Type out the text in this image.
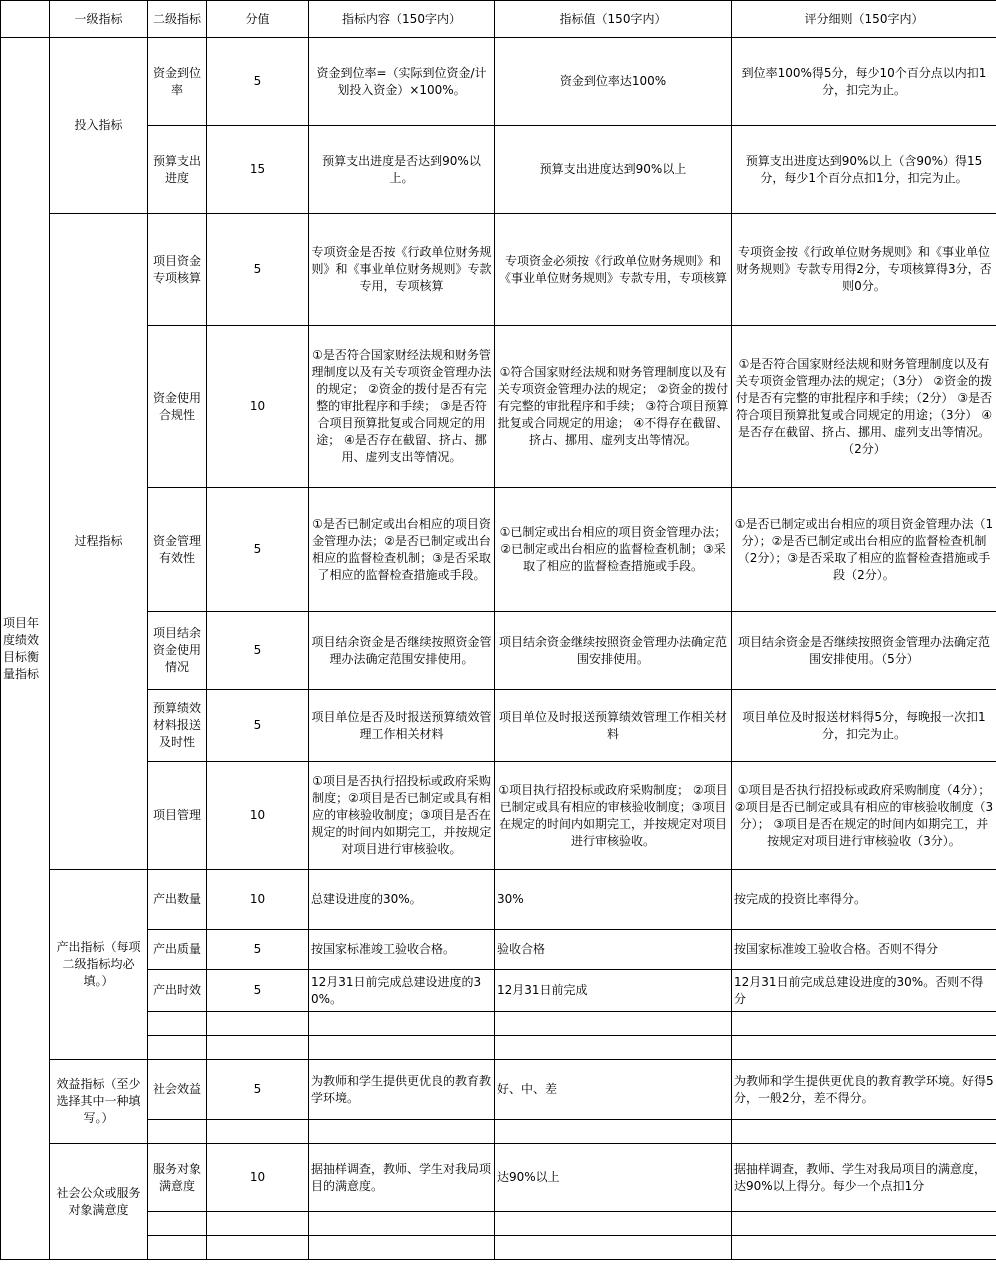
	一级指标	二级指标	分值	指标内容（150字内）	指标值（150字内）	评分细则（150字内）
项目年度绩效目标衡量指标	投入指标	资金到位率	5	资金到位率=（实际到位资金/计划投入资金）×100%。	资金到位率达100%	到位率100%得5分，每少10个百分点以内扣1分，扣完为止。
		预算支出进度	15	预算支出进度是否达到90%以上。	预算支出进度达到90%以上	预算支出进度达到90%以上（含90%）得15分，每少1个百分点扣1分，扣完为止。
	过程指标	项目资金专项核算	5	专项资金是否按《行政单位财务规则》和《事业单位财务规则》专款专用，专项核算	专项资金必须按《行政单位财务规则》和《事业单位财务规则》专款专用，专项核算	专项资金按《行政单位财务规则》和《事业单位财务规则》专款专用得2分，专项核算得3分，否则0分。
		资金使用合规性	10	①是否符合国家财经法规和财务管理制度以及有关专项资金管理办法的规定； ②资金的拨付是否有完整的审批程序和手续； ③是否符合项目预算批复或合同规定的用途； ④是否存在截留、挤占、挪用、虚列支出等情况。	①符合国家财经法规和财务管理制度以及有关专项资金管理办法的规定； ②资金的拨付有完整的审批程序和手续； ③符合项目预算批复或合同规定的用途； ④不得存在截留、挤占、挪用、虚列支出等情况。	①是否符合国家财经法规和财务管理制度以及有关专项资金管理办法的规定；（3分） ②资金的拨付是否有完整的审批程序和手续；（2分） ③是否符合项目预算批复或合同规定的用途；（3分） ④是否存在截留、挤占、挪用、虚列支出等情况。（2分）
		资金管理有效性	5	①是否已制定或出台相应的项目资金管理办法；②是否已制定或出台相应的监督检查机制；③是否采取了相应的监督检查措施或手段。	①已制定或出台相应的项目资金管理办法；②已制定或出台相应的监督检查机制；③采取了相应的监督检查措施或手段。	①是否已制定或出台相应的项目资金管理办法（1分）；②是否已制定或出台相应的监督检查机制（2分）；③是否采取了相应的监督检查措施或手段（2分）。
		项目结余资金使用情况	5	项目结余资金是否继续按照资金管理办法确定范围安排使用。	项目结余资金继续按照资金管理办法确定范围安排使用。	项目结余资金是否继续按照资金管理办法确定范围安排使用。（5分）
		预算绩效材料报送及时性	5	项目单位是否及时报送预算绩效管理工作相关材料	项目单位及时报送预算绩效管理工作相关材料	项目单位及时报送材料得5分，每晚报一次扣1分，扣完为止。
		项目管理	10	①项目是否执行招投标或政府采购制度；②项目是否已制定或具有相应的审核验收制度；③项目是否在规定的时间内如期完工，并按规定对项目进行审核验收。	①项目执行招投标或政府采购制度； ②项目已制定或具有相应的审核验收制度；③项目在规定的时间内如期完工，并按规定对项目进行审核验收。	①项目是否执行招投标或政府采购制度（4分）；②项目是否已制定或具有相应的审核验收制度（3分）； ③项目是否在规定的时间内如期完工，并按规定对项目进行审核验收（3分）。
	产出指标（每项二级指标均必填。）	产出数量	10	总建设进度的30%。	30%	按完成的投资比率得分。
		产出质量	5	按国家标准竣工验收合格。	验收合格	按国家标准竣工验收合格。否则不得分
		产出时效	5	12月31日前完成总建设进度的30%。	12月31日前完成	12月31日前完成总建设进度的30%。否则不得分

	效益指标（至少选择其中一种填写。）	社会效益	5	为教师和学生提供更优良的教育教学环境。	好、中、差	为教师和学生提供更优良的教育教学环境。好得5分，一般2分，差不得分。

	社会公众或服务对象满意度	服务对象满意度	10	据抽样调查，教师、学生对我局项目的满意度。	达90%以上	据抽样调查，教师、学生对我局项目的满意度，达90%以上得分。每少一个点扣1分
